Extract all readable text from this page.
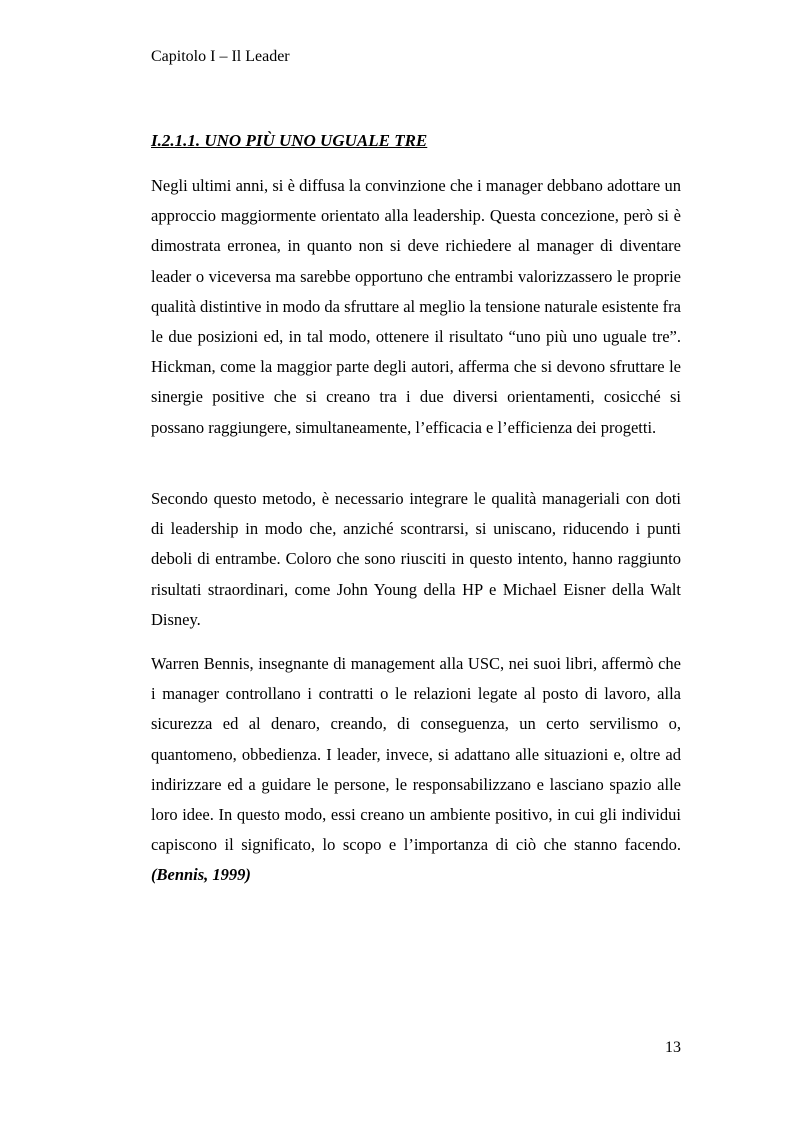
Capitolo I – Il Leader
I.2.1.1. UNO PIÙ UNO UGUALE TRE

Negli ultimi anni, si è diffusa la convinzione che i manager debbano adottare un approccio maggiormente orientato alla leadership. Questa concezione, però si è dimostrata erronea, in quanto non si deve richiedere al manager di diventare leader o viceversa ma sarebbe opportuno che entrambi valorizzassero le proprie qualità distintive in modo da sfruttare al meglio la tensione naturale esistente fra le due posizioni ed, in tal modo, ottenere il risultato “uno più uno uguale tre”. Hickman, come la maggior parte degli autori, afferma che si devono sfruttare le sinergie positive che si creano tra i due diversi orientamenti, cosicché si possano raggiungere, simultaneamente, l’efficacia e l’efficienza dei progetti.

Secondo questo metodo, è necessario integrare le qualità manageriali con doti di leadership in modo che, anziché scontrarsi, si uniscano, riducendo i punti deboli di entrambe. Coloro che sono riusciti in questo intento, hanno raggiunto risultati straordinari, come John Young della HP e Michael Eisner della Walt Disney.

Warren Bennis, insegnante di management alla USC, nei suoi libri, affermò che i manager controllano i contratti o le relazioni legate al posto di lavoro, alla sicurezza ed al denaro, creando, di conseguenza, un certo servilismo o, quantomeno, obbedienza. I leader, invece, si adattano alle situazioni e, oltre ad indirizzare ed a guidare le persone, le responsabilizzano e lasciano spazio alle loro idee. In questo modo, essi creano un ambiente positivo, in cui gli individui capiscono il significato, lo scopo e l’importanza di ciò che stanno facendo. (Bennis, 1999)

13
